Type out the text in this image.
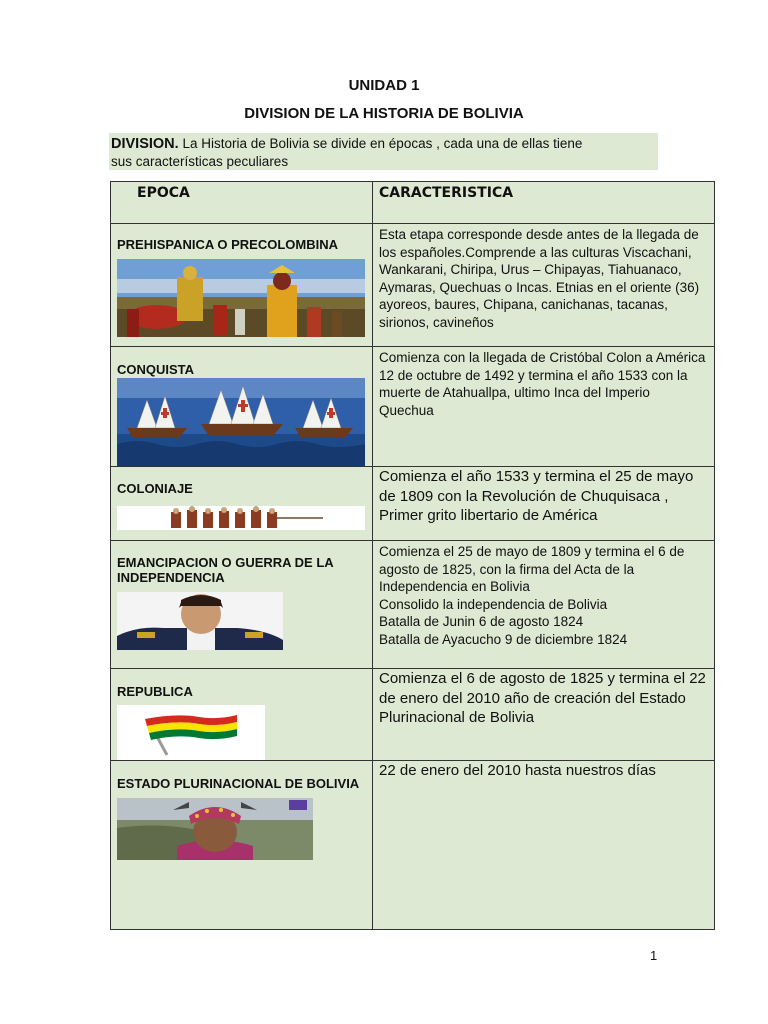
UNIDAD 1
DIVISION DE LA HISTORIA DE BOLIVIA
DIVISION. La Historia de Bolivia se divide en épocas , cada una de ellas tiene
sus características peculiares
EPOCA	CARACTERISTICA

PREHISPANICA O PRECOLOMBINA	Esta etapa corresponde desde antes de la llegada de los españoles.Comprende a las culturas Viscachani, Wankarani, Chiripa, Urus – Chipayas, Tiahuanaco, Aymaras, Quechuas o Incas. Etnias en el oriente (36) ayoreos, baures, Chipana, canichanas, tacanas, sirionos, cavineños

CONQUISTA	Comienza con la llegada de Cristóbal Colon a América 12 de octubre de 1492 y termina el año 1533 con la muerte de Atahuallpa, ultimo Inca del Imperio Quechua

COLONIAJE	Comienza el año 1533 y termina el 25 de mayo de 1809 con la Revolución de Chuquisaca , Primer grito libertario de América

EMANCIPACION O GUERRA DE LA INDEPENDENCIA	Comienza el 25 de mayo de 1809 y termina el 6 de agosto de 1825, con la firma del Acta de la Independencia en Bolivia
Consolido la independencia de Bolivia
Batalla de Junin 6 de agosto 1824
Batalla de Ayacucho 9 de diciembre 1824

REPUBLICA	Comienza el 6 de agosto de 1825 y termina el 22 de enero del 2010 año de creación del Estado Plurinacional de Bolivia

ESTADO PLURINACIONAL DE BOLIVIA	22 de enero del 2010 hasta nuestros días
1
